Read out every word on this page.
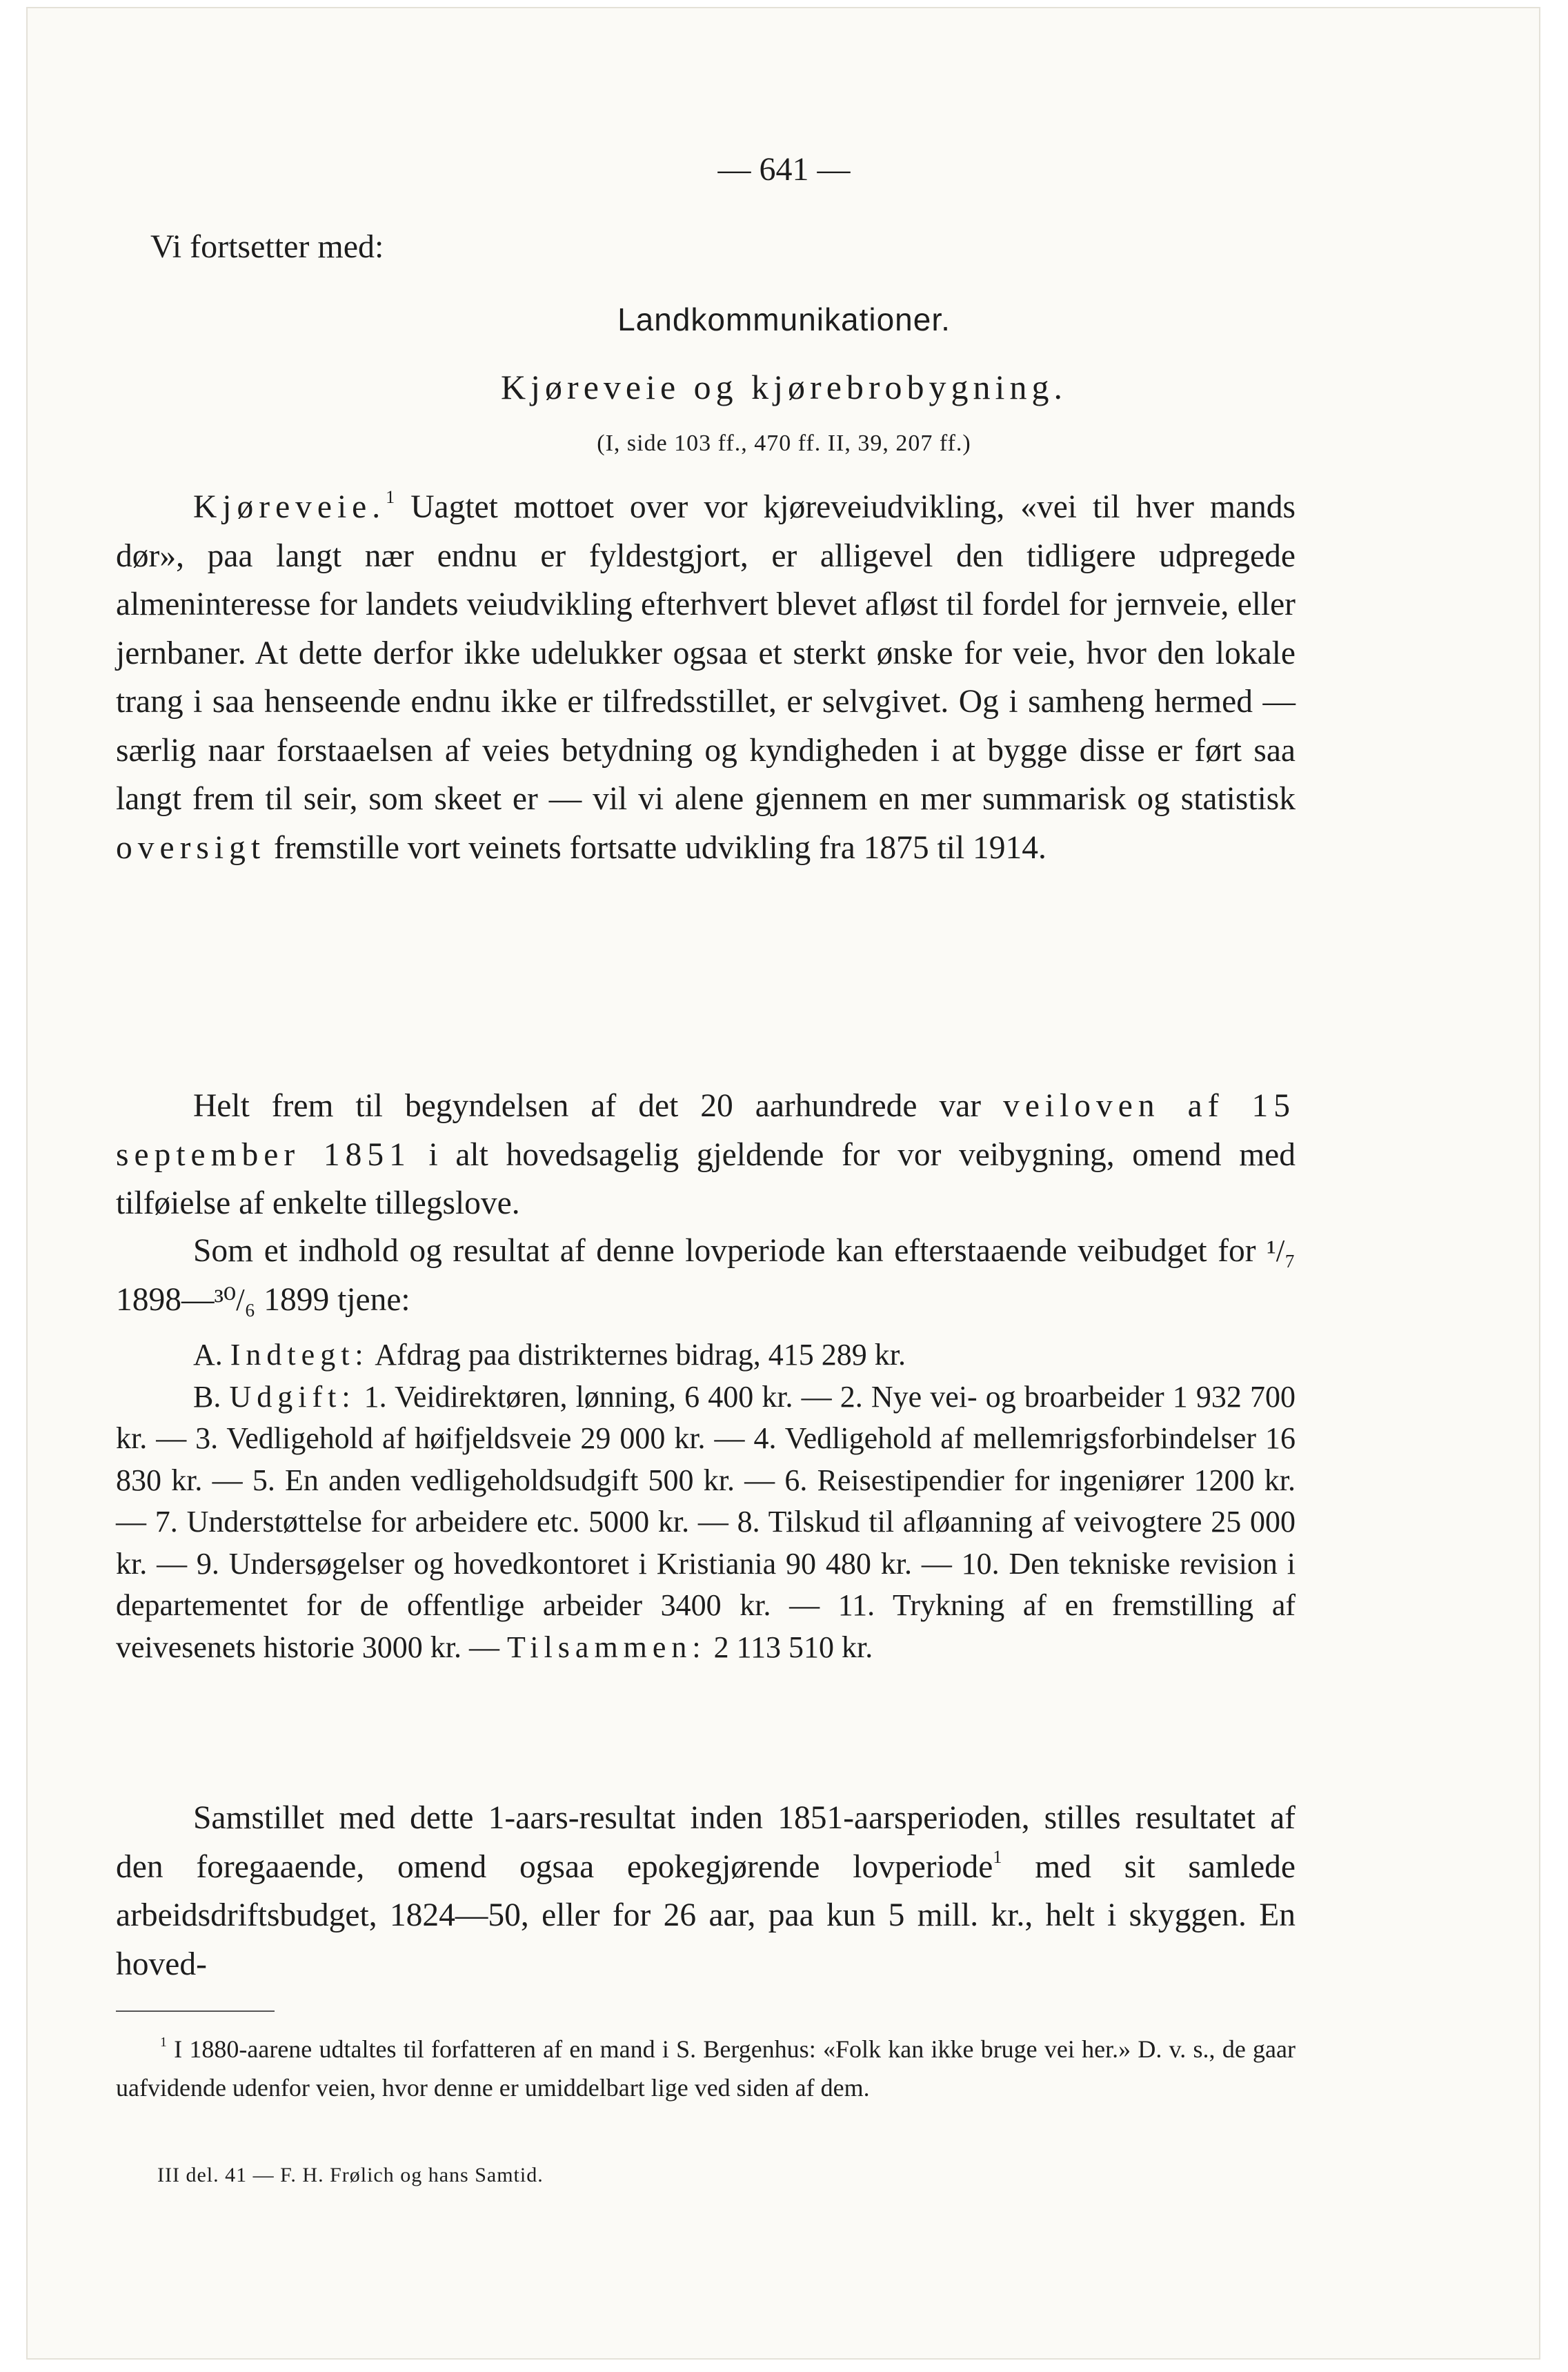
— 641 —
Vi fortsetter med:
Landkommunikationer.
Kjøreveie og kjørebrobygning.
(I, side 103 ff., 470 ff. II, 39, 207 ff.)

Kjøreveie.$^1$ Uagtet mottoet over vor kjøreveiudvikling, «vei til hver mands dør», paa langt nær endnu er fyldestgjort, er alligevel den tidligere udpregede almeninteresse for landets veiudvikling efterhvert blevet afløst til fordel for jernveie, eller jernbaner. At dette derfor ikke udelukker ogsaa et sterkt ønske for veie, hvor den lokale trang i saa henseende endnu ikke er tilfredsstillet, er selvgivet. Og i samheng hermed — særlig naar forstaaelsen af veies betydning og kyndigheden i at bygge disse er ført saa langt frem til seir, som skeet er — vil vi alene gjennem en mer summarisk og statistisk oversigt fremstille vort veinets fortsatte udvikling fra 1875 til 1914.

Helt frem til begyndelsen af det 20 aarhundrede var veiloven af 15 september 1851 i alt hovedsagelig gjeldende for vor veibygning, omend med tilføielse af enkelte tillegslove.

Som et indhold og resultat af denne lovperiode kan efterstaaende veibudget for ¹/₇ 1898—³⁰/₆ 1899 tjene:

A. Indtegt: Afdrag paa distrikternes bidrag, 415 289 kr.

B. Udgift: 1. Veidirektøren, lønning, 6 400 kr. — 2. Nye vei- og broarbeider 1 932 700 kr. — 3. Vedligehold af høifjeldsveie 29 000 kr. — 4. Vedligehold af mellemrigsforbindelser 16 830 kr. — 5. En anden vedligeholdsudgift 500 kr. — 6. Reisestipendier for ingeniører 1200 kr. — 7. Understøttelse for arbeidere etc. 5000 kr. — 8. Tilskud til afløanning af veivogtere 25 000 kr. — 9. Undersøgelser og hovedkontoret i Kristiania 90 480 kr. — 10. Den tekniske revision i departementet for de offentlige arbeider 3400 kr. — 11. Trykning af en fremstilling af veivesenets historie 3000 kr. — Tilsammen: 2 113 510 kr.

Samstillet med dette 1-aars-resultat inden 1851-aarsperioden, stilles resultatet af den foregaaende, omend ogsaa epokegjørende lovperiode$^1$ med sit samlede arbeidsdriftsbudget, 1824—50, eller for 26 aar, paa kun 5 mill. kr., helt i skyggen. En hoved-

$^1$ I 1880-aarene udtaltes til forfatteren af en mand i S. Bergenhus: «Folk kan ikke bruge vei her.» D. v. s., de gaar uafvidende udenfor veien, hvor denne er umiddelbart lige ved siden af dem.

III del. 41 — F. H. Frølich og hans Samtid.
